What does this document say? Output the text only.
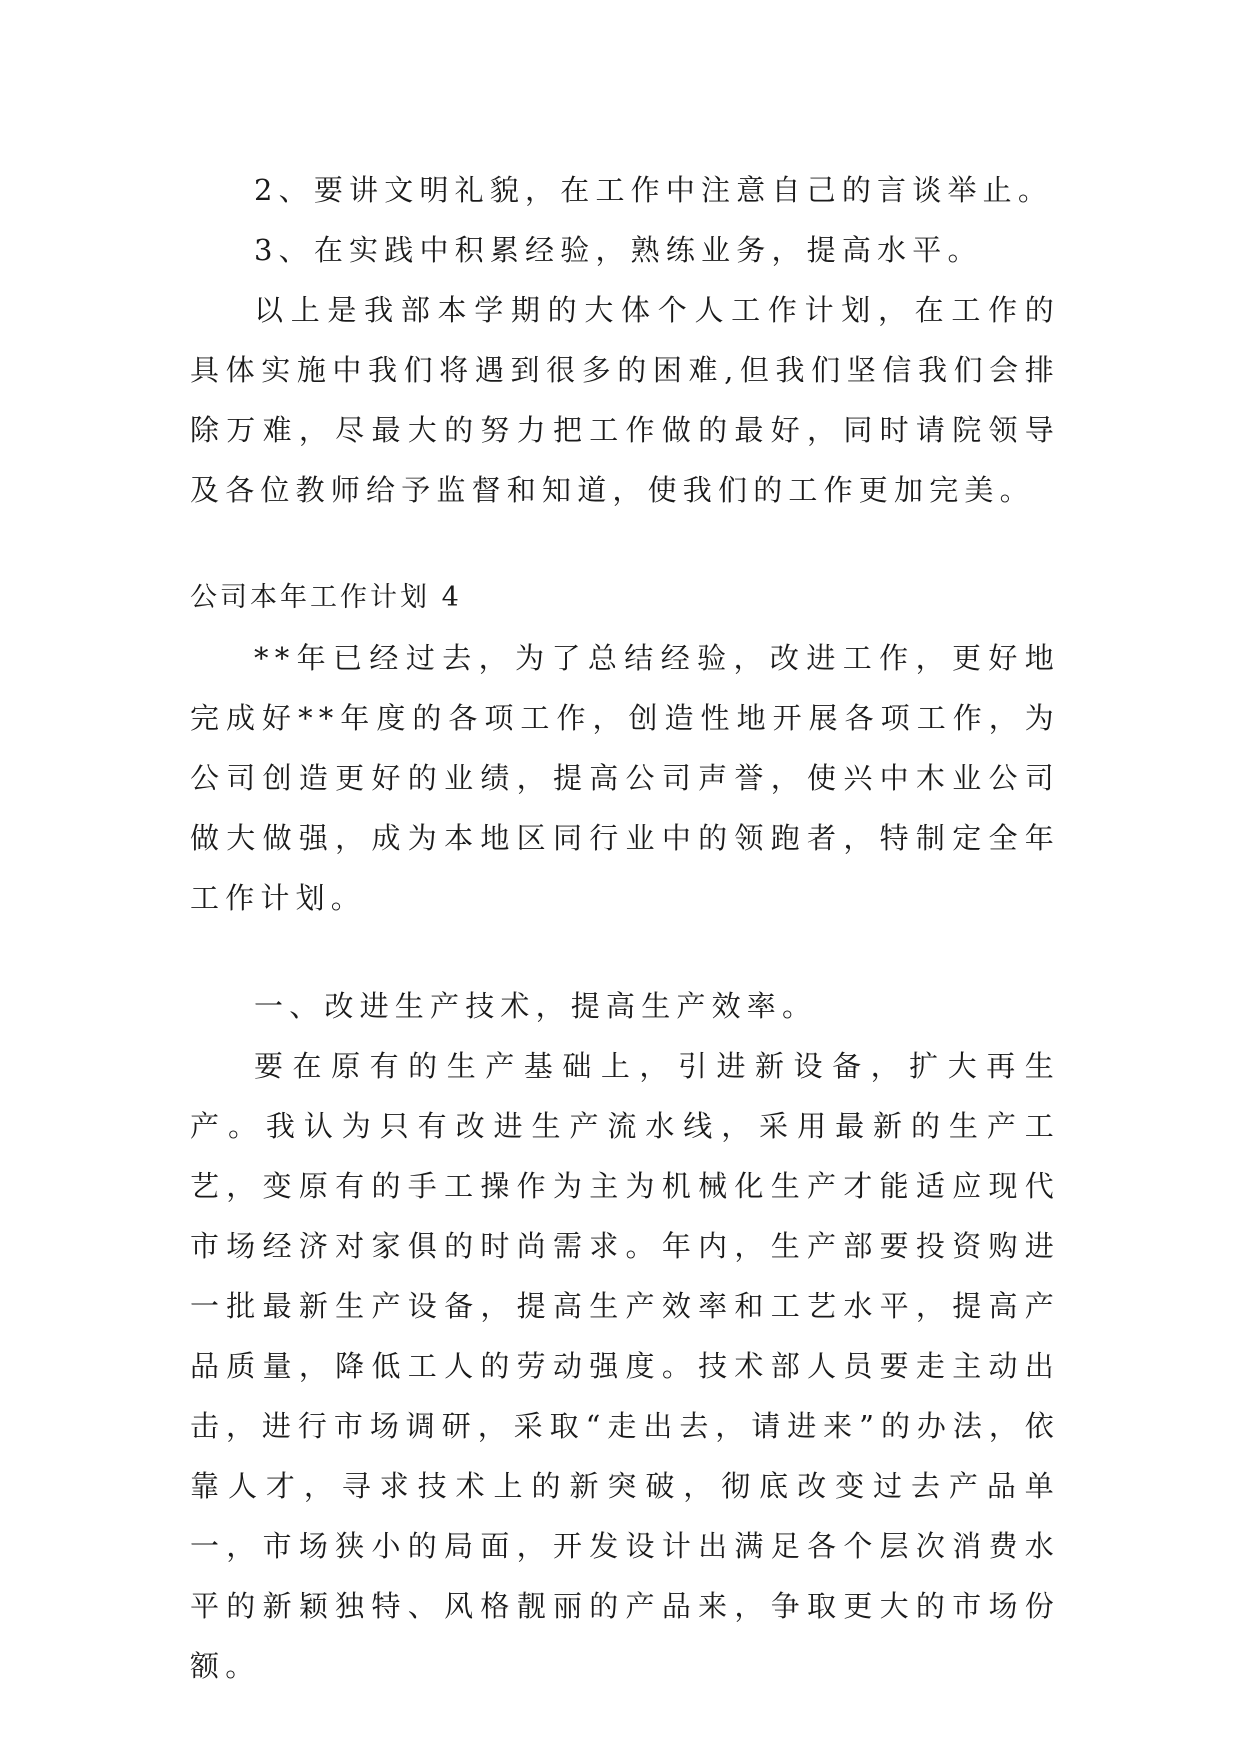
2、要讲文明礼貌，在工作中注意自己的言谈举止。

3、在实践中积累经验，熟练业务，提高水平。

以上是我部本学期的大体个人工作计划，在工作的具体实施中我们将遇到很多的困难,但我们坚信我们会排除万难，尽最大的努力把工作做的最好，同时请院领导及各位教师给予监督和知道，使我们的工作更加完美。

公司本年工作计划 4

**年已经过去，为了总结经验，改进工作，更好地完成好**年度的各项工作，创造性地开展各项工作，为公司创造更好的业绩，提高公司声誉，使兴中木业公司做大做强，成为本地区同行业中的领跑者，特制定全年工作计划。

一、改进生产技术，提高生产效率。

要在原有的生产基础上，引进新设备，扩大再生产。我认为只有改进生产流水线，采用最新的生产工艺，变原有的手工操作为主为机械化生产才能适应现代市场经济对家俱的时尚需求。年内，生产部要投资购进一批最新生产设备，提高生产效率和工艺水平，提高产品质量，降低工人的劳动强度。技术部人员要走主动出击，进行市场调研，采取“走出去，请进来”的办法，依靠人才，寻求技术上的新突破，彻底改变过去产品单一，市场狭小的局面，开发设计出满足各个层次消费水平的新颖独特、风格靓丽的产品来，争取更大的市场份额。
